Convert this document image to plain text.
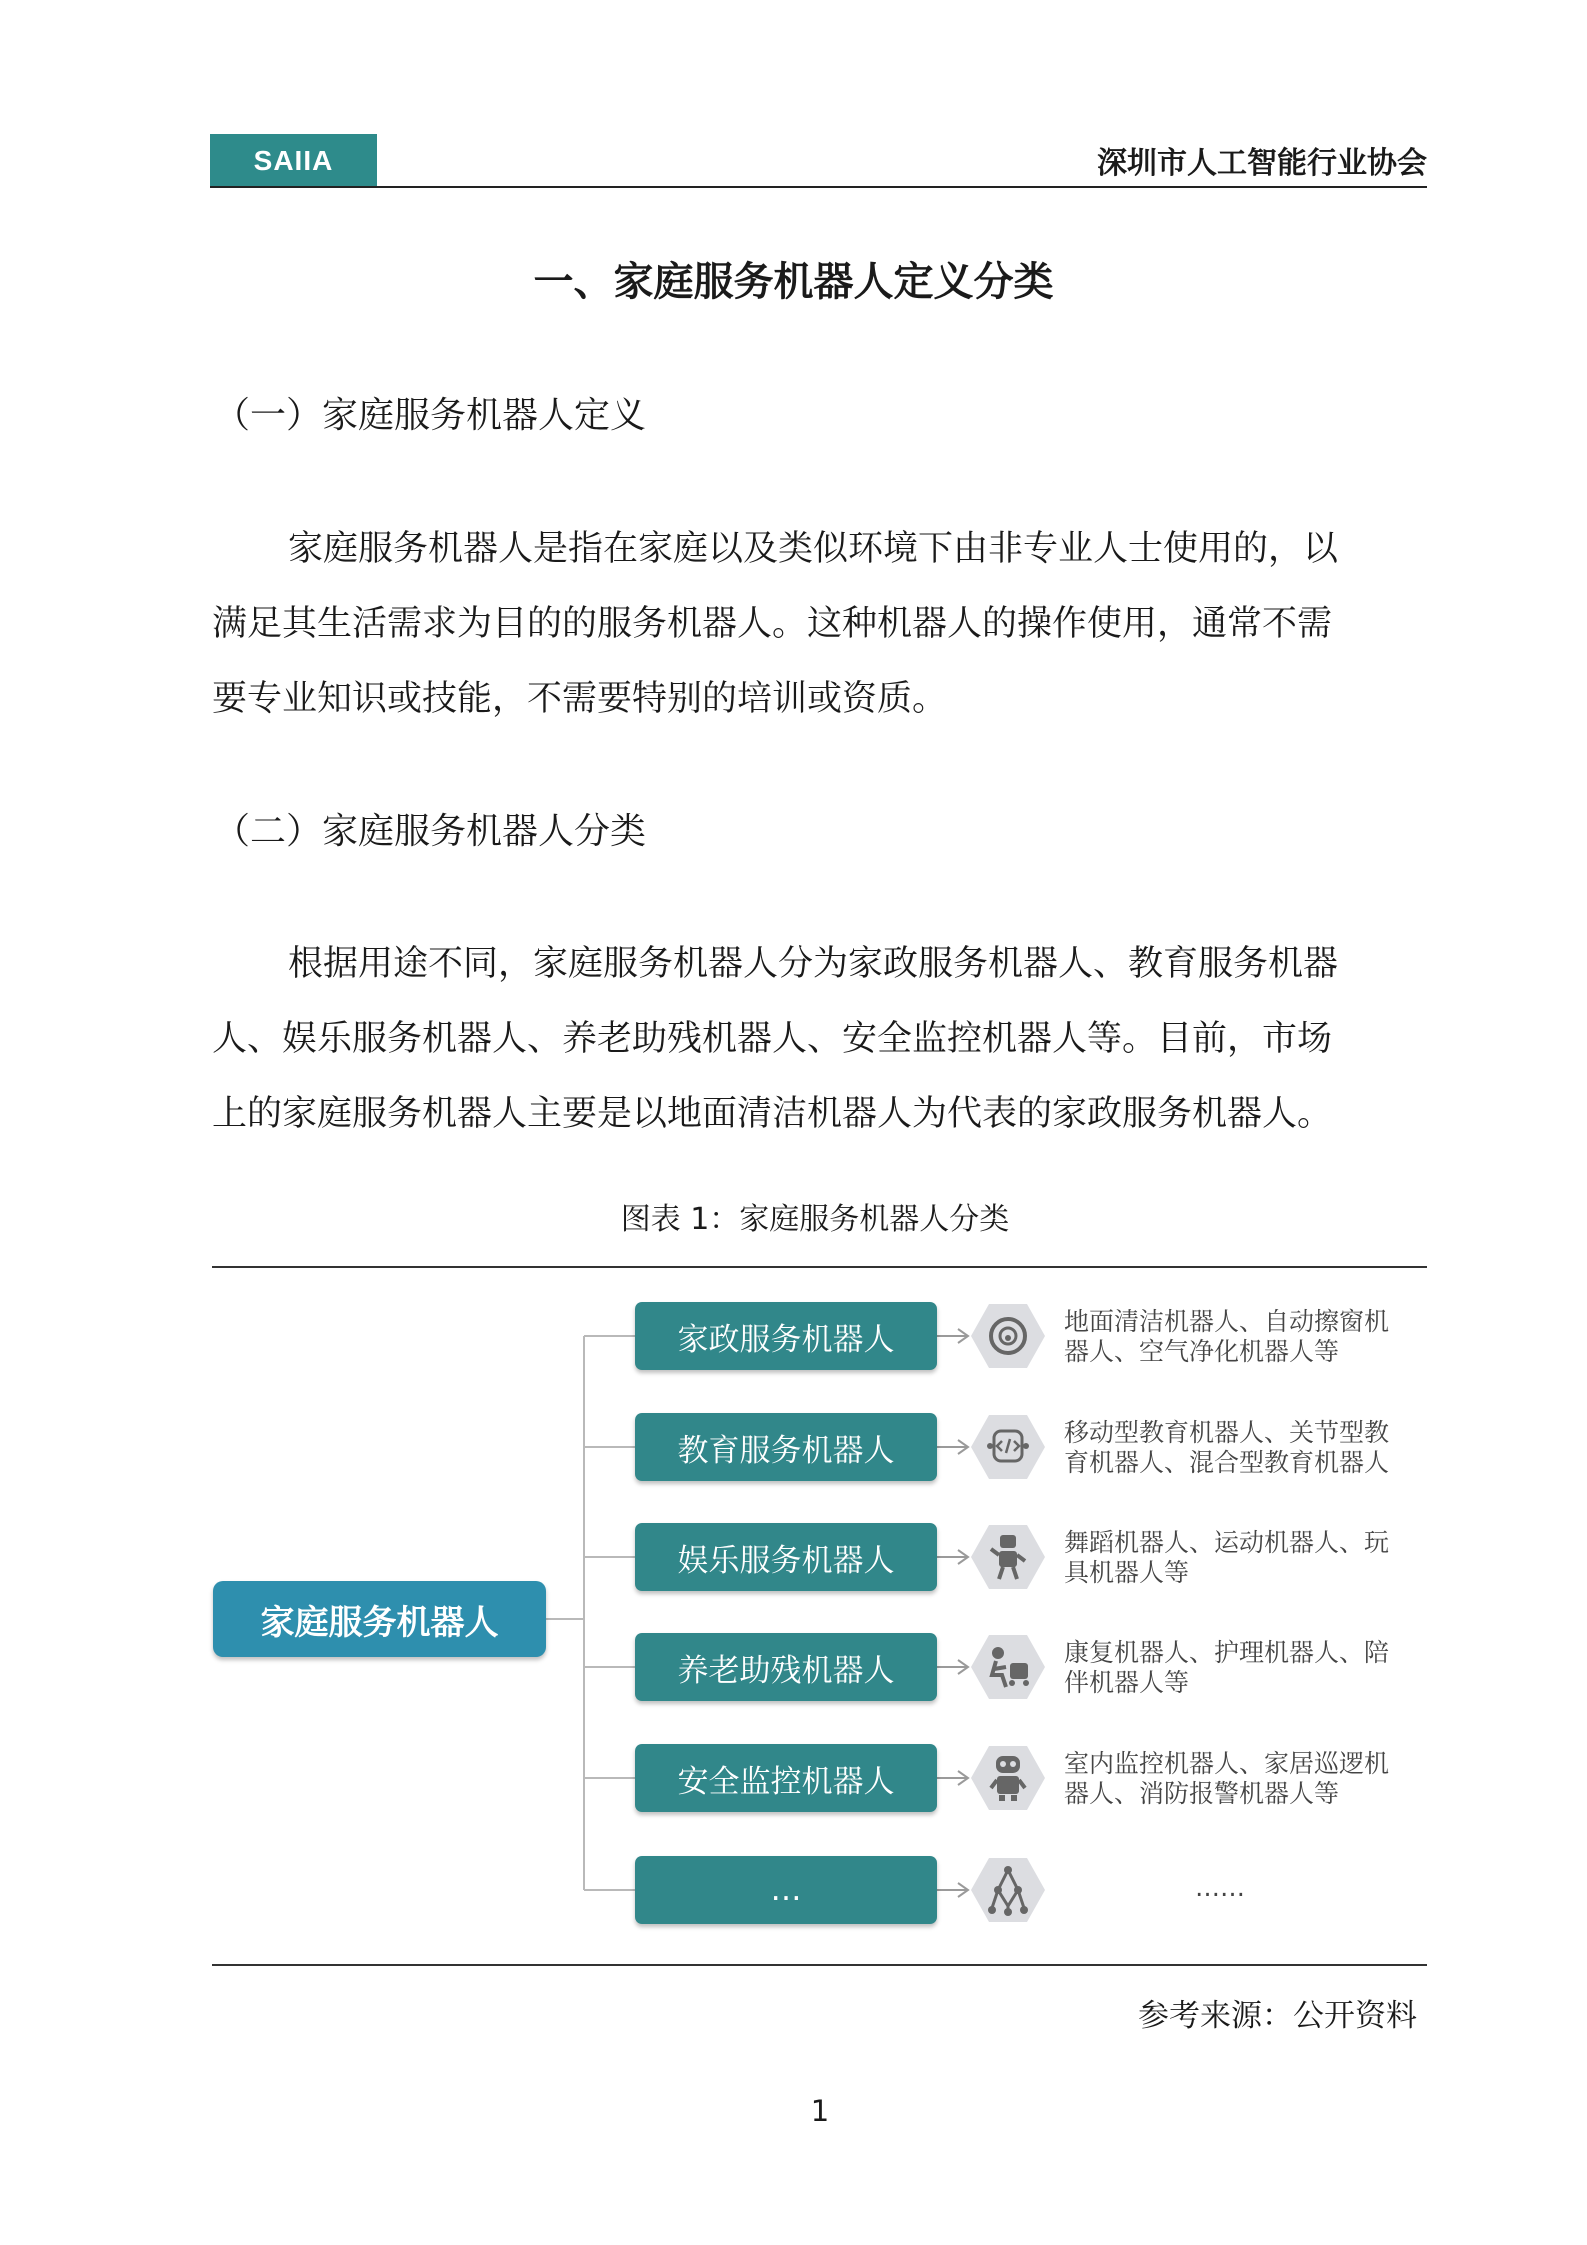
SAIIA	深圳市人工智能行业协会
一、家庭服务机器人定义分类
（一）家庭服务机器人定义

家庭服务机器人是指在家庭以及类似环境下由非专业人士使用的，以

满足其生活需求为目的的服务机器人。这种机器人的操作使用，通常不需

要专业知识或技能，不需要特别的培训或资质。

（二）家庭服务机器人分类

根据用途不同，家庭服务机器人分为家政服务机器人、教育服务机器

人、娱乐服务机器人、养老助残机器人、安全监控机器人等。目前，市场

上的家庭服务机器人主要是以地面清洁机器人为代表的家政服务机器人。

图表 1：家庭服务机器人分类
家庭服务机器人
家政服务机器人
教育服务机器人
娱乐服务机器人
养老助残机器人
安全监控机器人
…
地面清洁机器人、自动擦窗机
器人、空气净化机器人等
移动型教育机器人、关节型教
育机器人、混合型教育机器人
舞蹈机器人、运动机器人、玩
具机器人等
康复机器人、护理机器人、陪
伴机器人等
室内监控机器人、家居巡逻机
器人、消防报警机器人等
……
参考来源：公开资料
1
